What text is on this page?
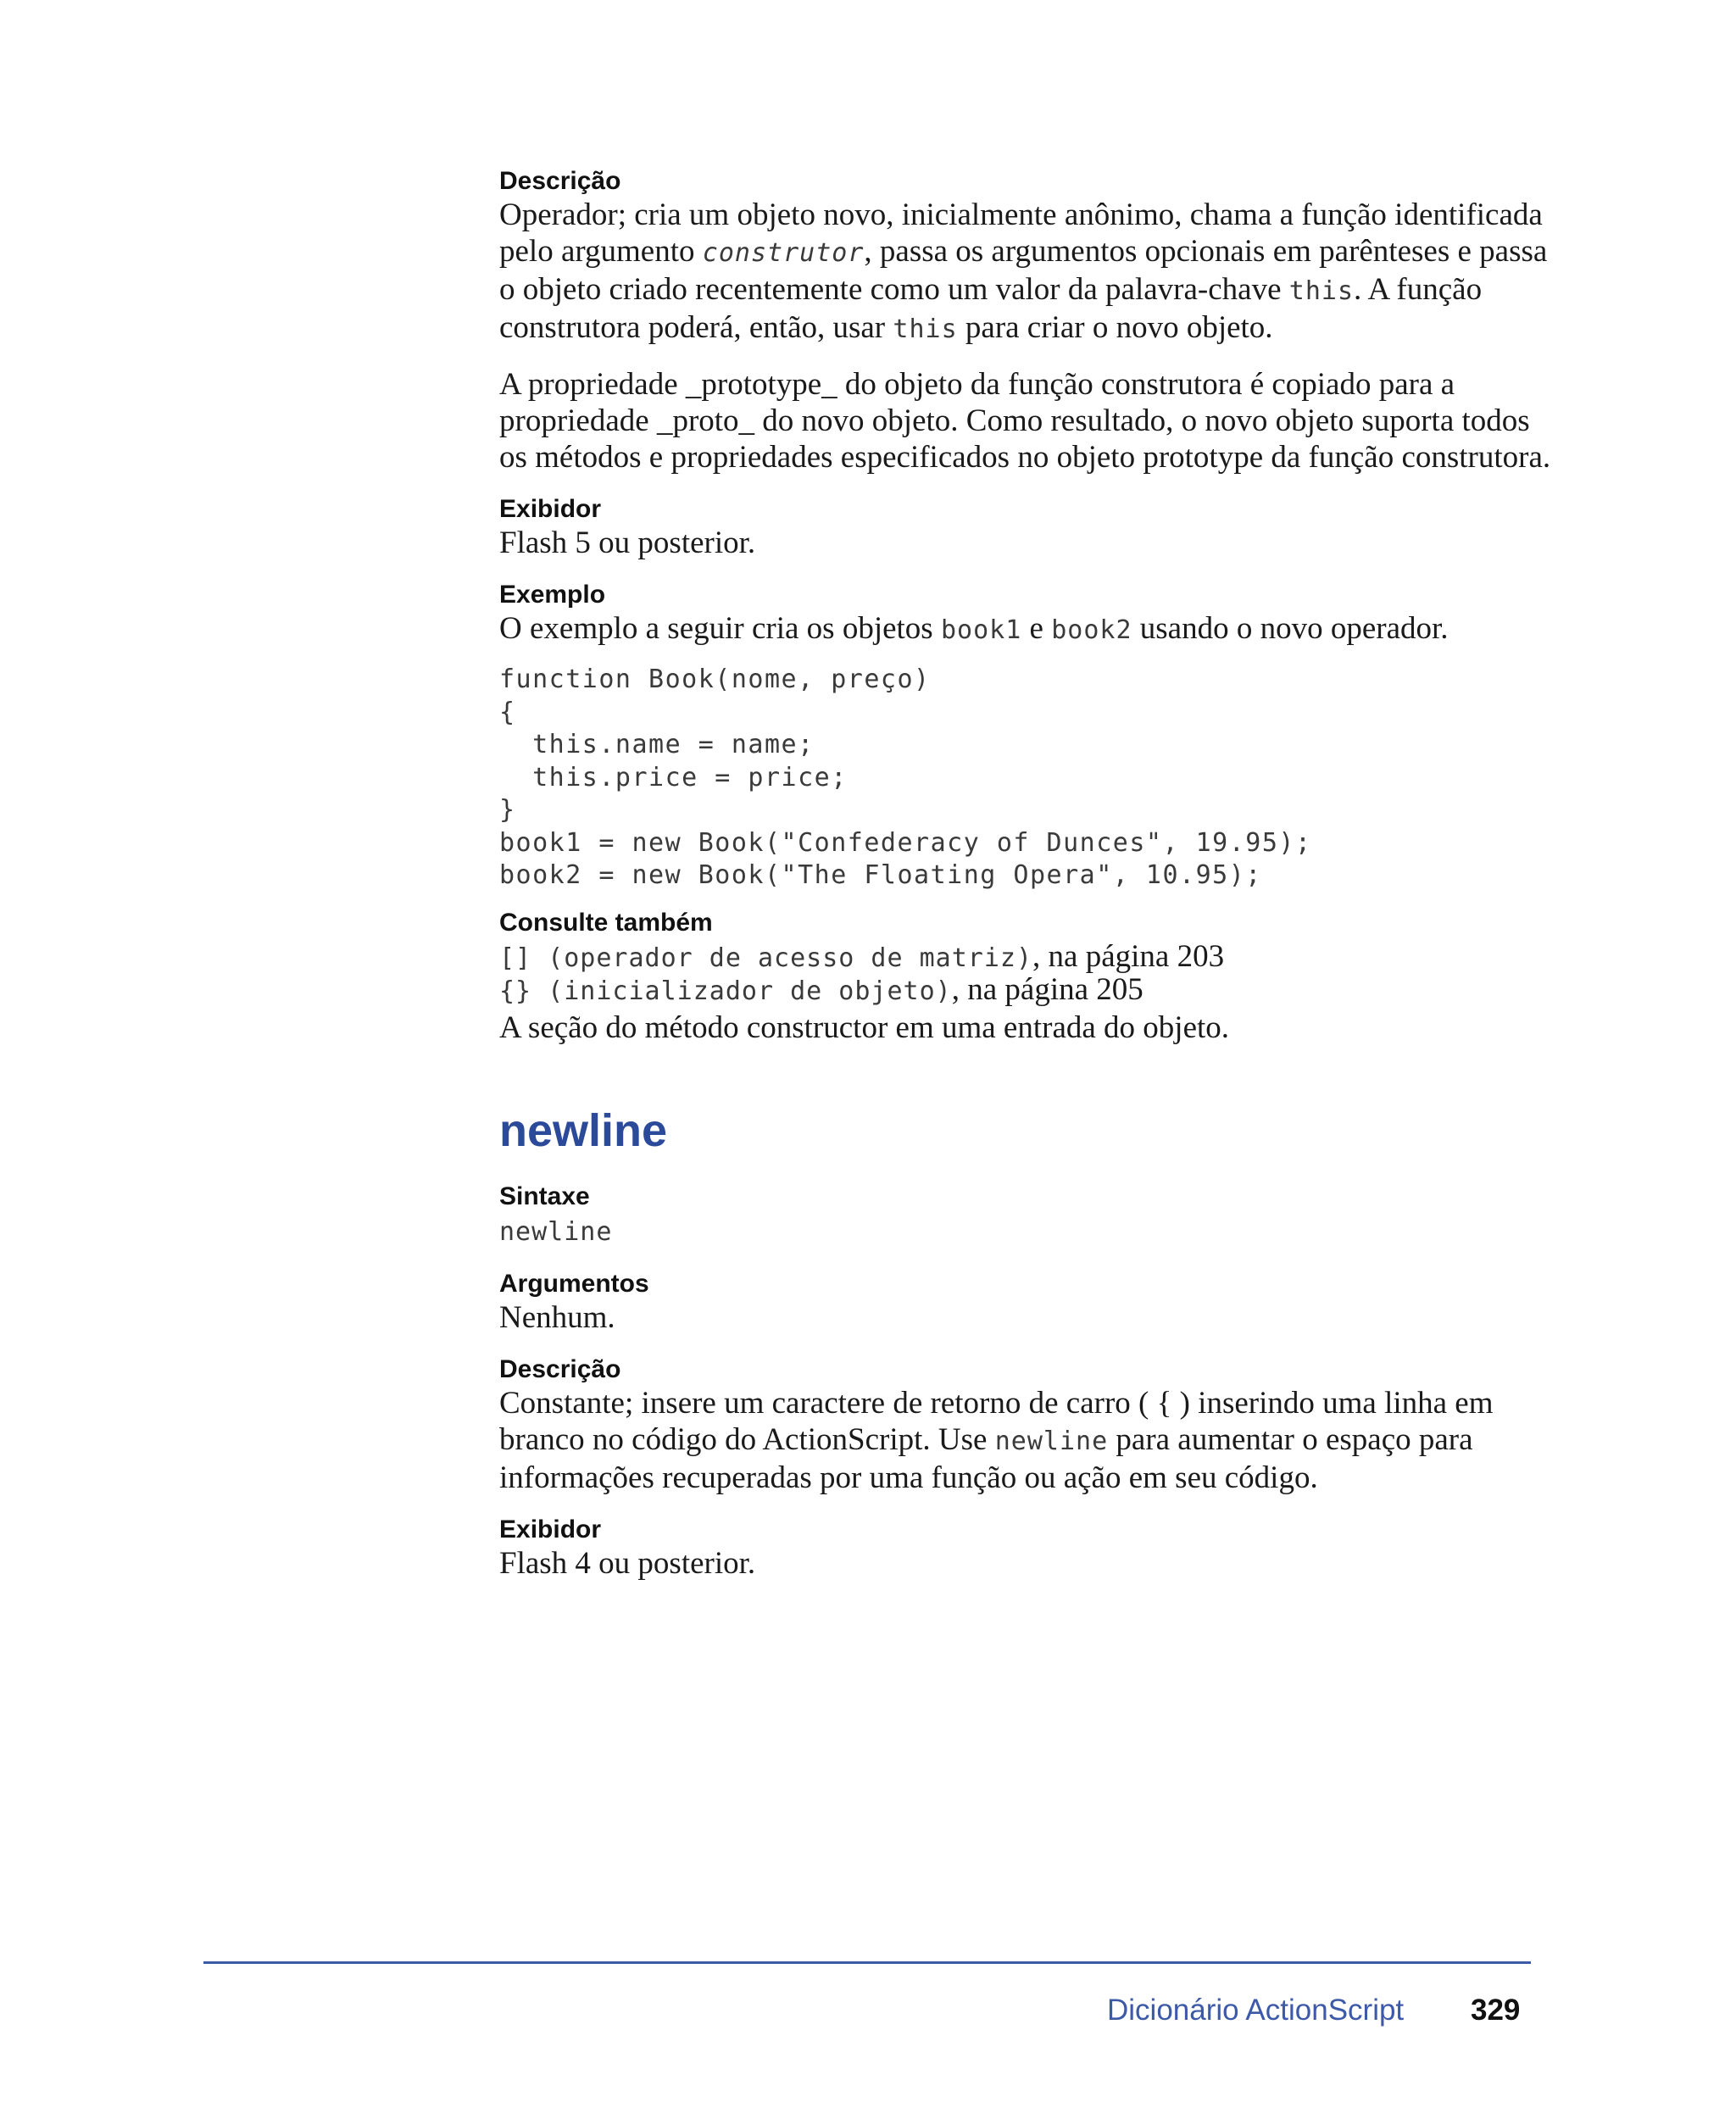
Descrição

Operador; cria um objeto novo, inicialmente anônimo, chama a função identificada pelo argumento construtor, passa os argumentos opcionais em parênteses e passa o objeto criado recentemente como um valor da palavra-chave this. A função construtora poderá, então, usar this para criar o novo objeto.

A propriedade _prototype_ do objeto da função construtora é copiado para a propriedade _proto_ do novo objeto. Como resultado, o novo objeto suporta todos os métodos e propriedades especificados no objeto prototype da função construtora.

Exibidor

Flash 5 ou posterior.

Exemplo

O exemplo a seguir cria os objetos book1 e book2 usando o novo operador.

function Book(nome, preço)
{
this.name = name;
this.price = price;
}
book1 = new Book("Confederacy of Dunces", 19.95);
book2 = new Book("The Floating Opera", 10.95);

Consulte também

[] (operador de acesso de matriz), na página 203

{} (inicializador de objeto), na página 205

A seção do método constructor em uma entrada do objeto.

newline

Sintaxe

newline

Argumentos

Nenhum.

Descrição

Constante; insere um caractere de retorno de carro ( { ) inserindo uma linha em branco no código do ActionScript. Use newline para aumentar o espaço para informações recuperadas por uma função ou ação em seu código.

Exibidor

Flash 4 ou posterior.

Dicionário ActionScript 329
